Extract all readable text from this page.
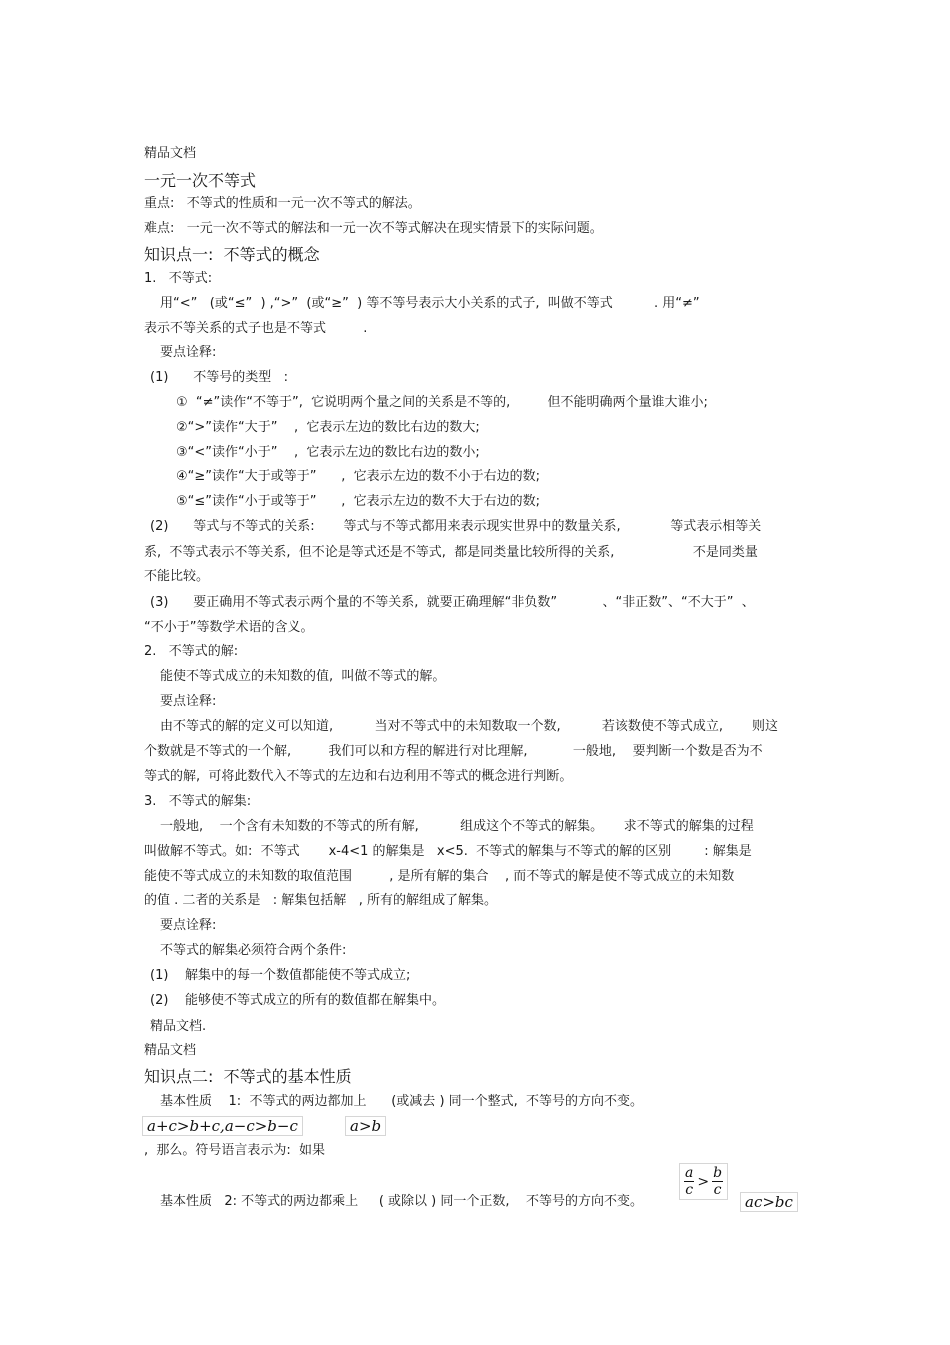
精品文档
一元一次不等式
重点:   不等式的性质和一元一次不等式的解法。
难点:   一元一次不等式的解法和一元一次不等式解决在现实情景下的实际问题。
知识点一:  不等式的概念
1.   不等式:
用“<”   (或“≤”  ) ,“>”  (或“≥”  ) 等不等号表示大小关系的式子,  叫做不等式          . 用“≠”
表示不等关系的式子也是不等式         .
要点诠释:
(1)      不等号的类型   :
①  “≠”读作“不等于”,  它说明两个量之间的关系是不等的,         但不能明确两个量谁大谁小;
②“>”读作“大于”    ,  它表示左边的数比右边的数大;
③“<”读作“小于”    ,  它表示左边的数比右边的数小;
④“≥”读作“大于或等于”      ,  它表示左边的数不小于右边的数;
⑤“≤”读作“小于或等于”      ,  它表示左边的数不大于右边的数;
(2)      等式与不等式的关系:       等式与不等式都用来表示现实世界中的数量关系,            等式表示相等关
系,  不等式表示不等关系,  但不论是等式还是不等式,  都是同类量比较所得的关系,                   不是同类量
不能比较。
(3)      要正确用不等式表示两个量的不等关系,  就要正确理解“非负数”           、“非正数”、“不大于”  、
“不小于”等数学术语的含义。
2.   不等式的解:
能使不等式成立的未知数的值,  叫做不等式的解。
要点诠释:
由不等式的解的定义可以知道,          当对不等式中的未知数取一个数,          若该数使不等式成立,       则这
个数就是不等式的一个解,         我们可以和方程的解进行对比理解,           一般地,    要判断一个数是否为不
等式的解,  可将此数代入不等式的左边和右边利用不等式的概念进行判断。
3.   不等式的解集:
一般地,    一个含有未知数的不等式的所有解,          组成这个不等式的解集。     求不等式的解集的过程
叫做解不等式。如:  不等式       x-4<1 的解集是   x<5.  不等式的解集与不等式的解的区别        : 解集是
能使不等式成立的未知数的取值范围         , 是所有解的集合    , 而不等式的解是使不等式成立的未知数
的值 . 二者的关系是   : 解集包括解   , 所有的解组成了解集。
要点诠释:
不等式的解集必须符合两个条件:
(1)    解集中的每一个数值都能使不等式成立;
(2)    能够使不等式成立的所有的数值都在解集中。
精品文档.
精品文档
知识点二:  不等式的基本性质
基本性质    1:  不等式的两边都加上      (或减去 ) 同一个整式,  不等号的方向不变。
a+c>b+c,a−c>b−c	a>b
,  那么。符号语言表示为:  如果
$\frac{a}{c} > \frac{b}{c}$
基本性质   2: 不等式的两边都乘上     ( 或除以 ) 同一个正数,    不等号的方向不变。	ac>bc
